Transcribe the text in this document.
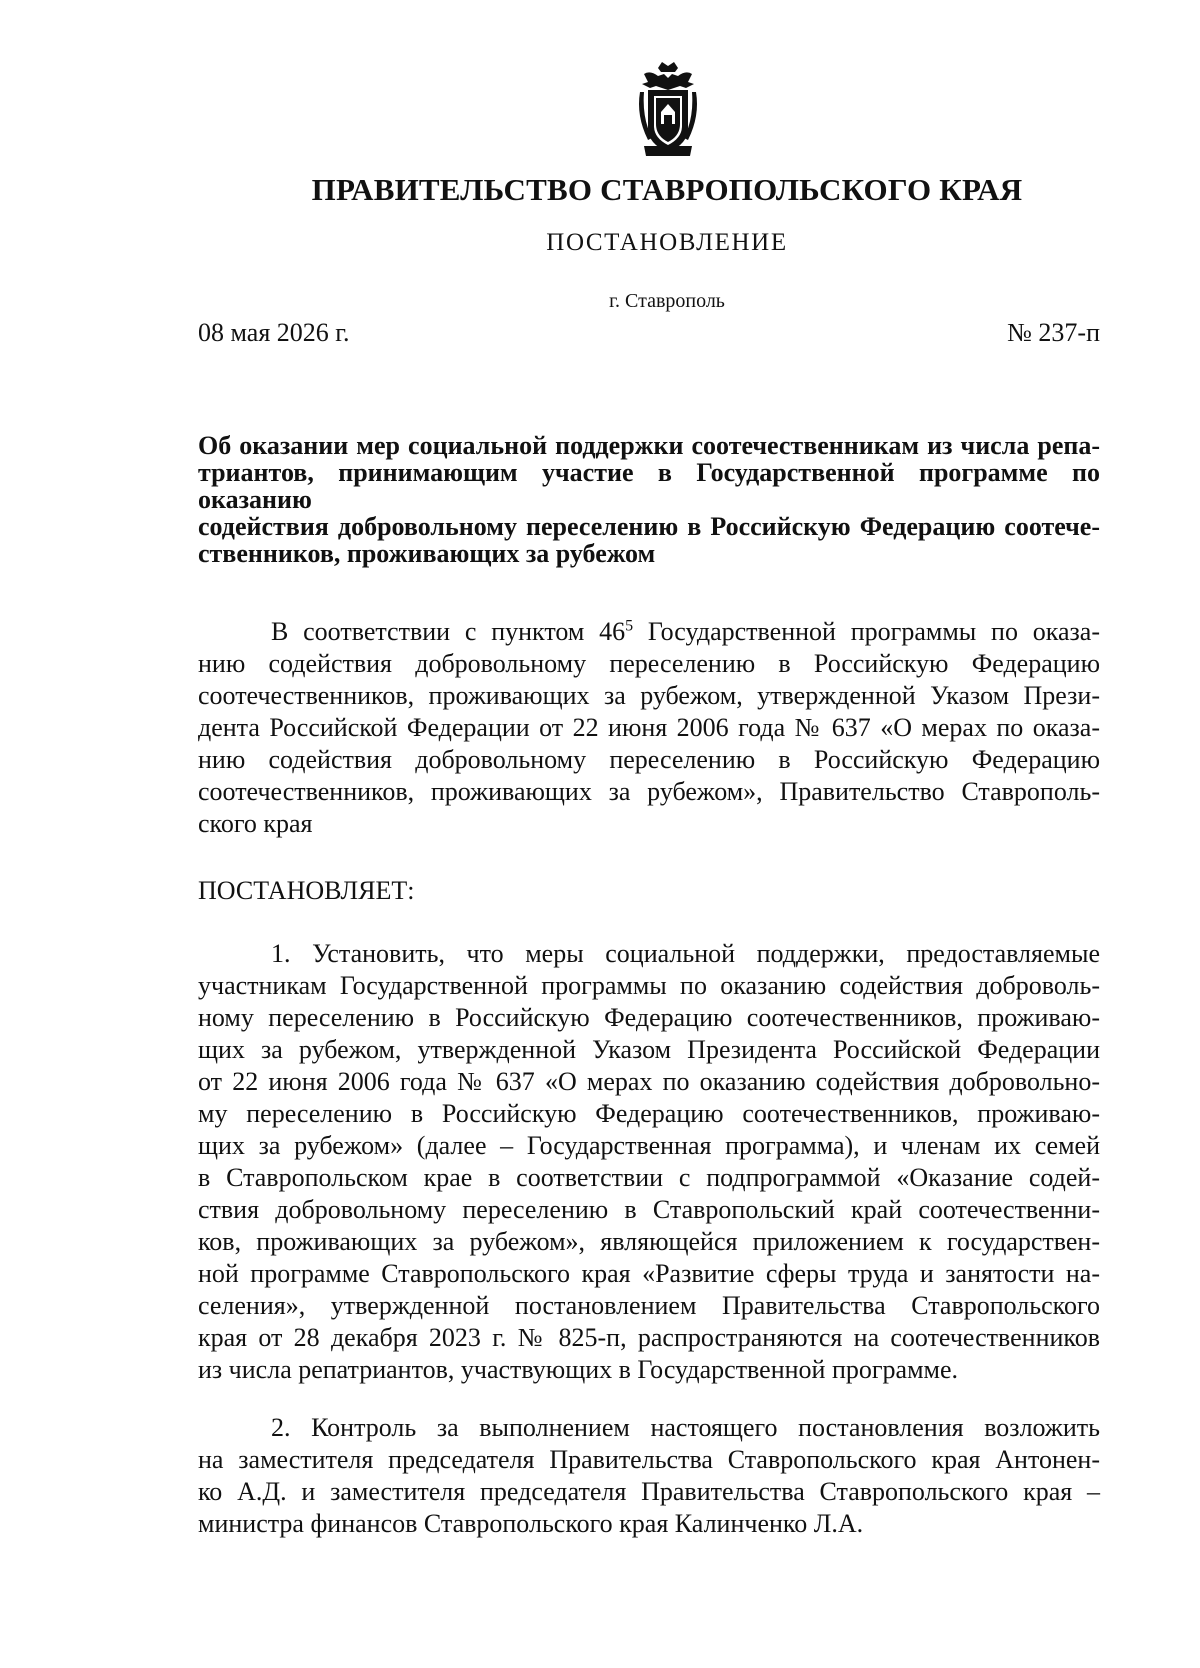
ПРАВИТЕЛЬСТВО СТАВРОПОЛЬСКОГО КРАЯ
ПОСТАНОВЛЕНИЕ
г. Ставрополь
08 мая 2026 г.	№ 237-п
Об оказании мер социальной поддержки соотечественникам из числа репа-
триантов, принимающим участие в Государственной программе по оказанию
содействия добровольному переселению в Российскую Федерацию соотече-
ственников, проживающих за рубежом
В соответствии с пунктом $46^5$ Государственной программы по оказа-
нию содействия добровольному переселению в Российскую Федерацию
соотечественников, проживающих за рубежом, утвержденной Указом Прези-
дента Российской Федерации от 22 июня 2006 года № 637 «О мерах по оказа-
нию содействия добровольному переселению в Российскую Федерацию
соотечественников, проживающих за рубежом», Правительство Ставрополь-
ского края
ПОСТАНОВЛЯЕТ:
1. Установить, что меры социальной поддержки, предоставляемые
участникам Государственной программы по оказанию содействия доброволь-
ному переселению в Российскую Федерацию соотечественников, проживаю-
щих за рубежом, утвержденной Указом Президента Российской Федерации
от 22 июня 2006 года № 637 «О мерах по оказанию содействия добровольно-
му переселению в Российскую Федерацию соотечественников, проживаю-
щих за рубежом» (далее – Государственная программа), и членам их семей
в Ставропольском крае в соответствии с подпрограммой «Оказание содей-
ствия добровольному переселению в Ставропольский край соотечественни-
ков, проживающих за рубежом», являющейся приложением к государствен-
ной программе Ставропольского края «Развитие сферы труда и занятости на-
селения», утвержденной постановлением Правительства Ставропольского
края от 28 декабря 2023 г. № 825-п, распространяются на соотечественников
из числа репатриантов, участвующих в Государственной программе.
2. Контроль за выполнением настоящего постановления возложить
на заместителя председателя Правительства Ставропольского края Антонен-
ко А.Д. и заместителя председателя Правительства Ставропольского края –
министра финансов Ставропольского края Калинченко Л.А.
